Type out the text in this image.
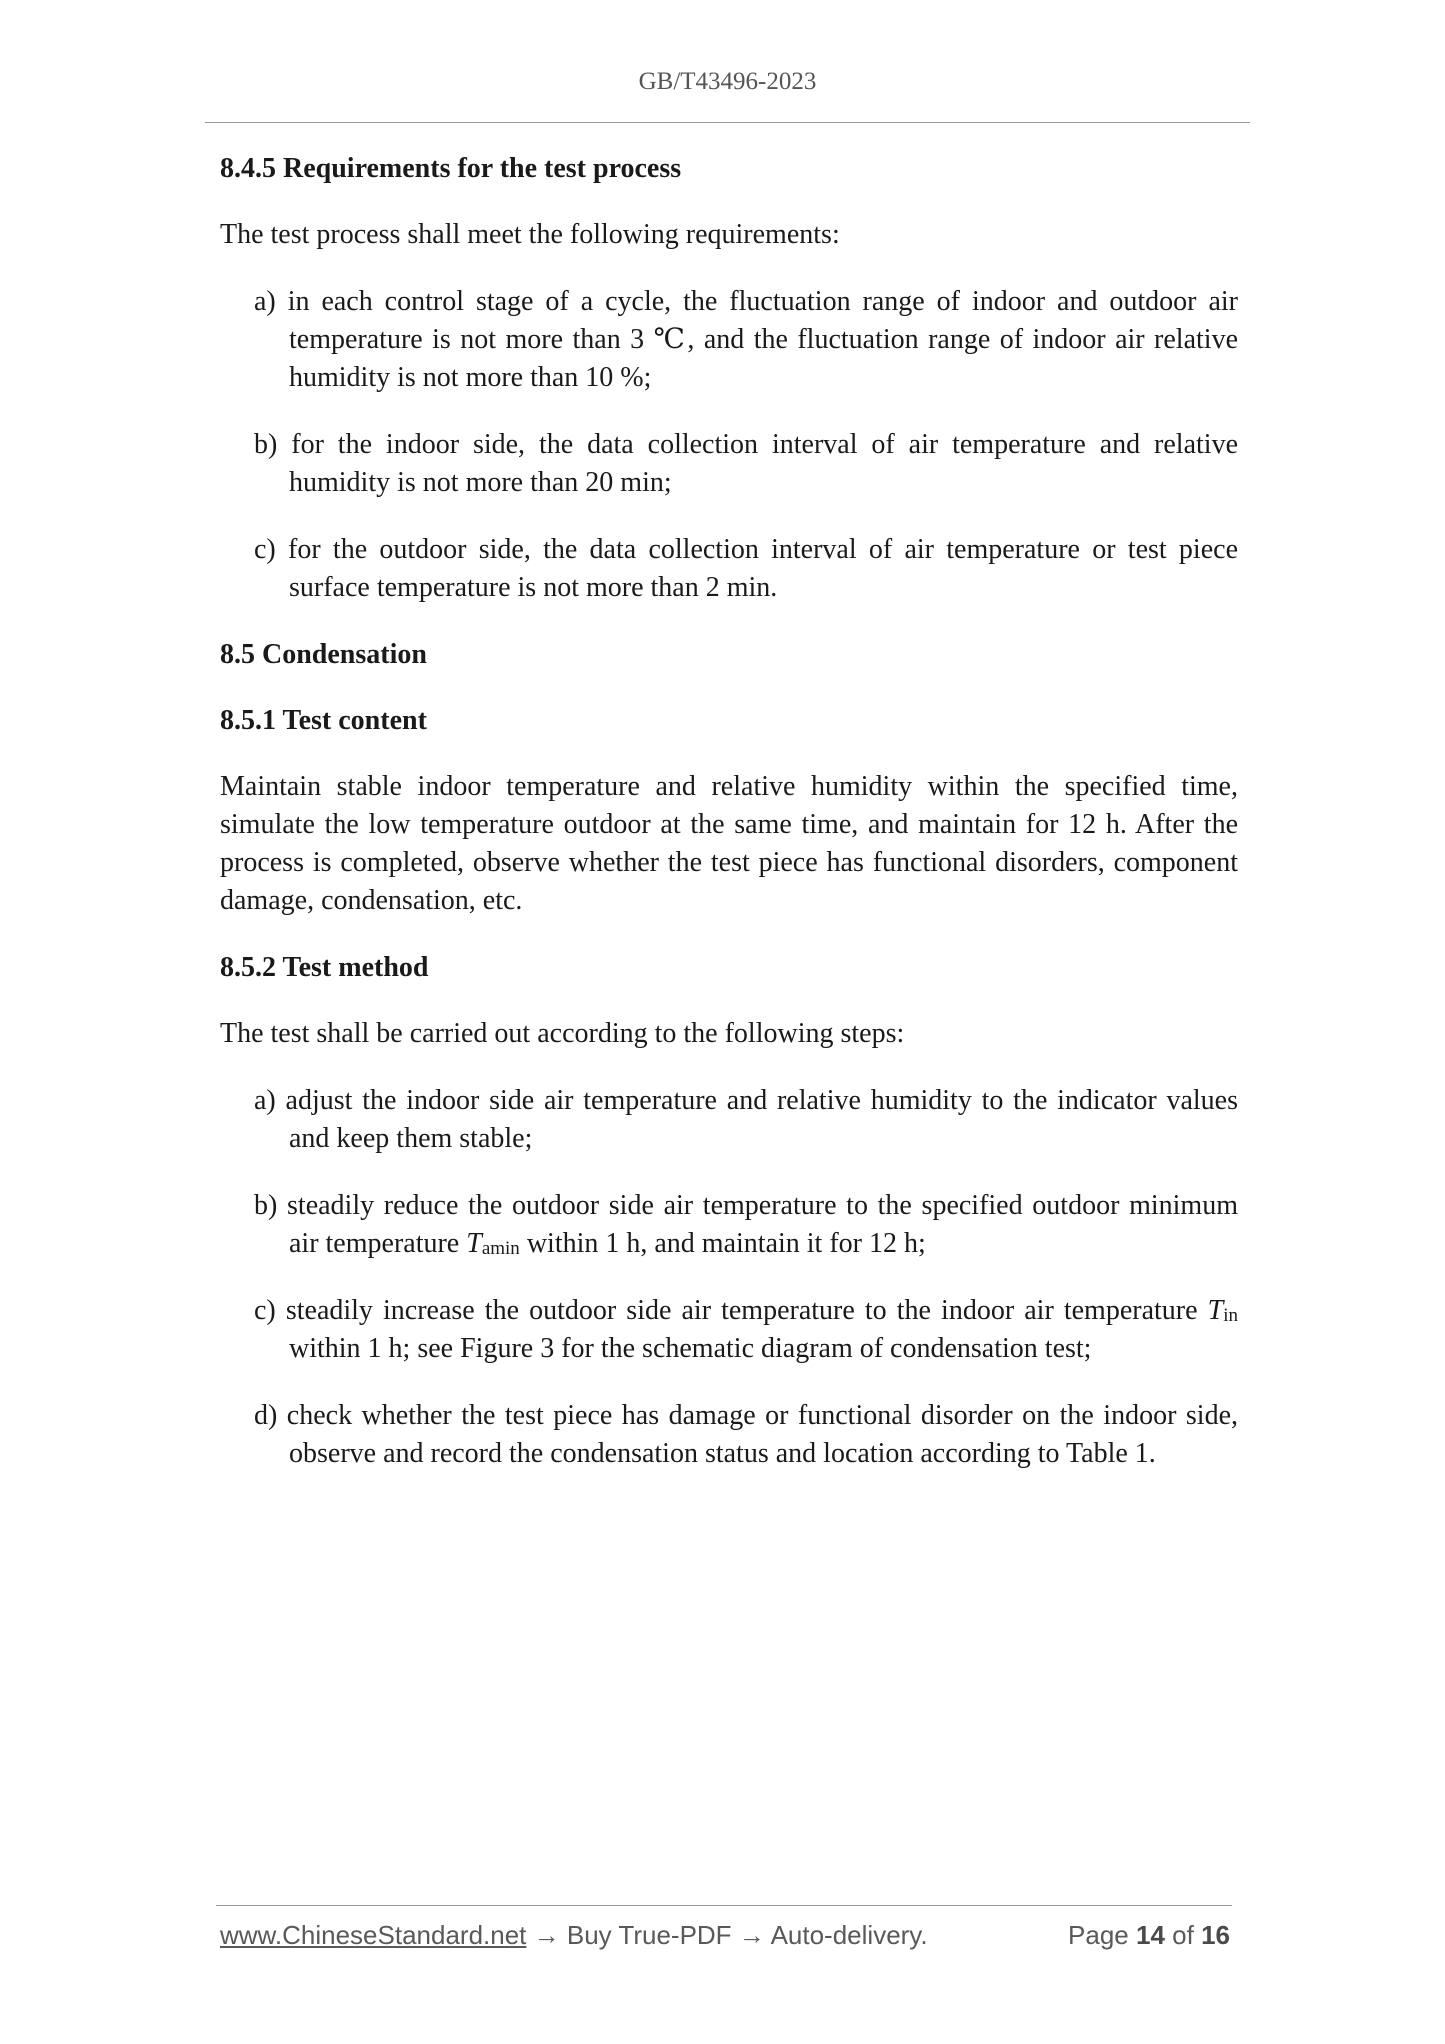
GB/T43496-2023
8.4.5 Requirements for the test process

The test process shall meet the following requirements:

a) in each control stage of a cycle, the fluctuation range of indoor and outdoor air temperature is not more than 3 ℃, and the fluctuation range of indoor air relative humidity is not more than 10 %;
b) for the indoor side, the data collection interval of air temperature and relative humidity is not more than 20 min;
c) for the outdoor side, the data collection interval of air temperature or test piece surface temperature is not more than 2 min.
8.5 Condensation
8.5.1 Test content

Maintain stable indoor temperature and relative humidity within the specified time, simulate the low temperature outdoor at the same time, and maintain for 12 h. After the process is completed, observe whether the test piece has functional disorders, component damage, condensation, etc.

8.5.2 Test method

The test shall be carried out according to the following steps:

a) adjust the indoor side air temperature and relative humidity to the indicator values and keep them stable;
b) steadily reduce the outdoor side air temperature to the specified outdoor minimum air temperature $T_{amin}$ within 1 h, and maintain it for 12 h;
c) steadily increase the outdoor side air temperature to the indoor air temperature $T_{in}$ within 1 h; see Figure 3 for the schematic diagram of condensation test;
d) check whether the test piece has damage or functional disorder on the indoor side, observe and record the condensation status and location according to Table 1.
www.ChineseStandard.net → Buy True-PDF → Auto-delivery.	Page 14 of 16
